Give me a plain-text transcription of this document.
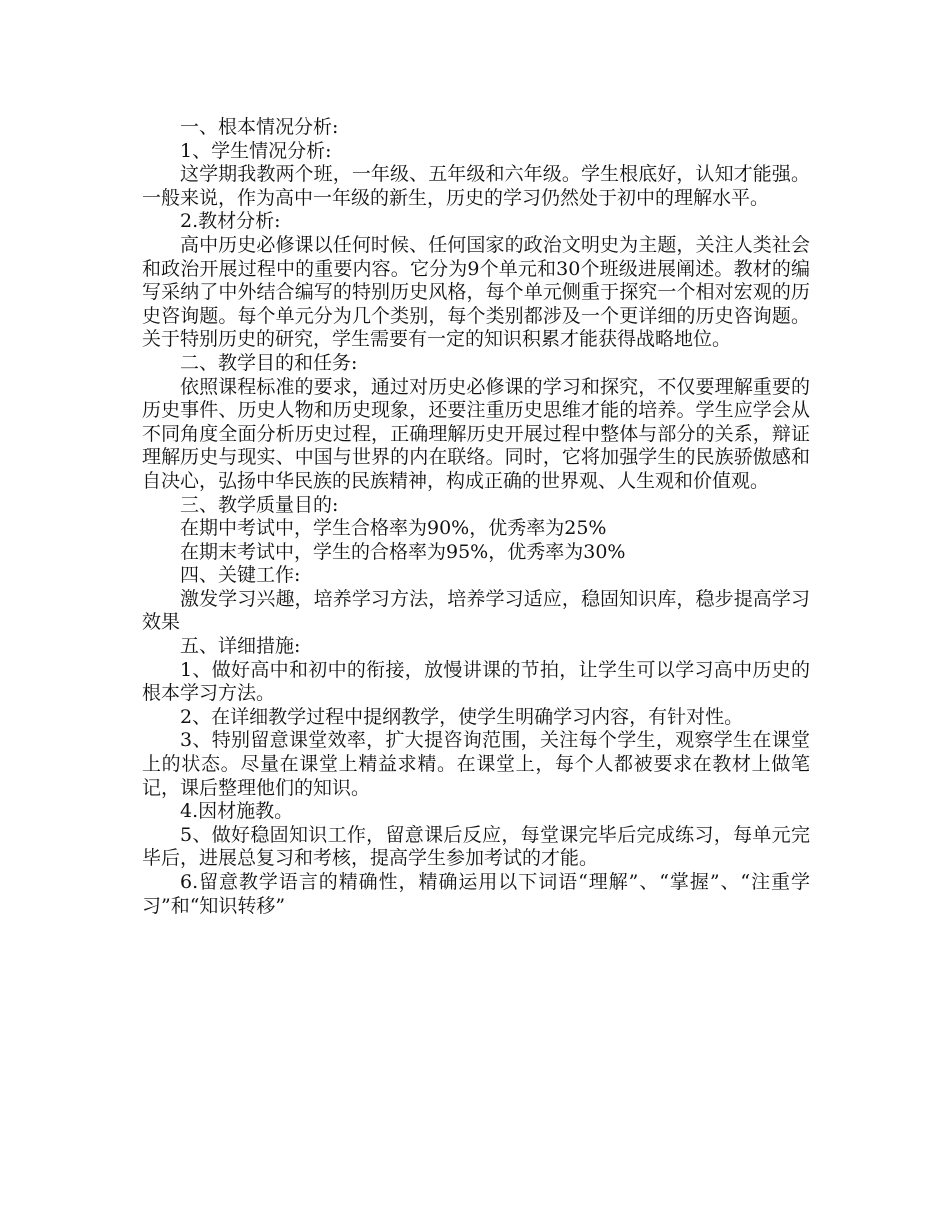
一、根本情况分析:

1、学生情况分析:

这学期我教两个班，一年级、五年级和六年级。学生根底好，认知才能强。一般来说，作为高中一年级的新生，历史的学习仍然处于初中的理解水平。

2.教材分析:

高中历史必修课以任何时候、任何国家的政治文明史为主题，关注人类社会和政治开展过程中的重要内容。它分为9个单元和30个班级进展阐述。教材的编写采纳了中外结合编写的特别历史风格，每个单元侧重于探究一个相对宏观的历史咨询题。每个单元分为几个类别，每个类别都涉及一个更详细的历史咨询题。关于特别历史的研究，学生需要有一定的知识积累才能获得战略地位。

二、教学目的和任务:

依照课程标准的要求，通过对历史必修课的学习和探究，不仅要理解重要的历史事件、历史人物和历史现象，还要注重历史思维才能的培养。学生应学会从不同角度全面分析历史过程，正确理解历史开展过程中整体与部分的关系，辩证理解历史与现实、中国与世界的内在联络。同时，它将加强学生的民族骄傲感和自决心，弘扬中华民族的民族精神，构成正确的世界观、人生观和价值观。

三、教学质量目的:

在期中考试中，学生合格率为90%，优秀率为25%

在期末考试中，学生的合格率为95%，优秀率为30%

四、关键工作:

激发学习兴趣，培养学习方法，培养学习适应，稳固知识库，稳步提高学习效果

五、详细措施:

1、做好高中和初中的衔接，放慢讲课的节拍，让学生可以学习高中历史的根本学习方法。

2、在详细教学过程中提纲教学，使学生明确学习内容，有针对性。

3、特别留意课堂效率，扩大提咨询范围，关注每个学生，观察学生在课堂上的状态。尽量在课堂上精益求精。在课堂上，每个人都被要求在教材上做笔记，课后整理他们的知识。

4.因材施教。

5、做好稳固知识工作，留意课后反应，每堂课完毕后完成练习，每单元完毕后，进展总复习和考核，提高学生参加考试的才能。

6.留意教学语言的精确性，精确运用以下词语“理解”、“掌握”、“注重学习”和“知识转移”
